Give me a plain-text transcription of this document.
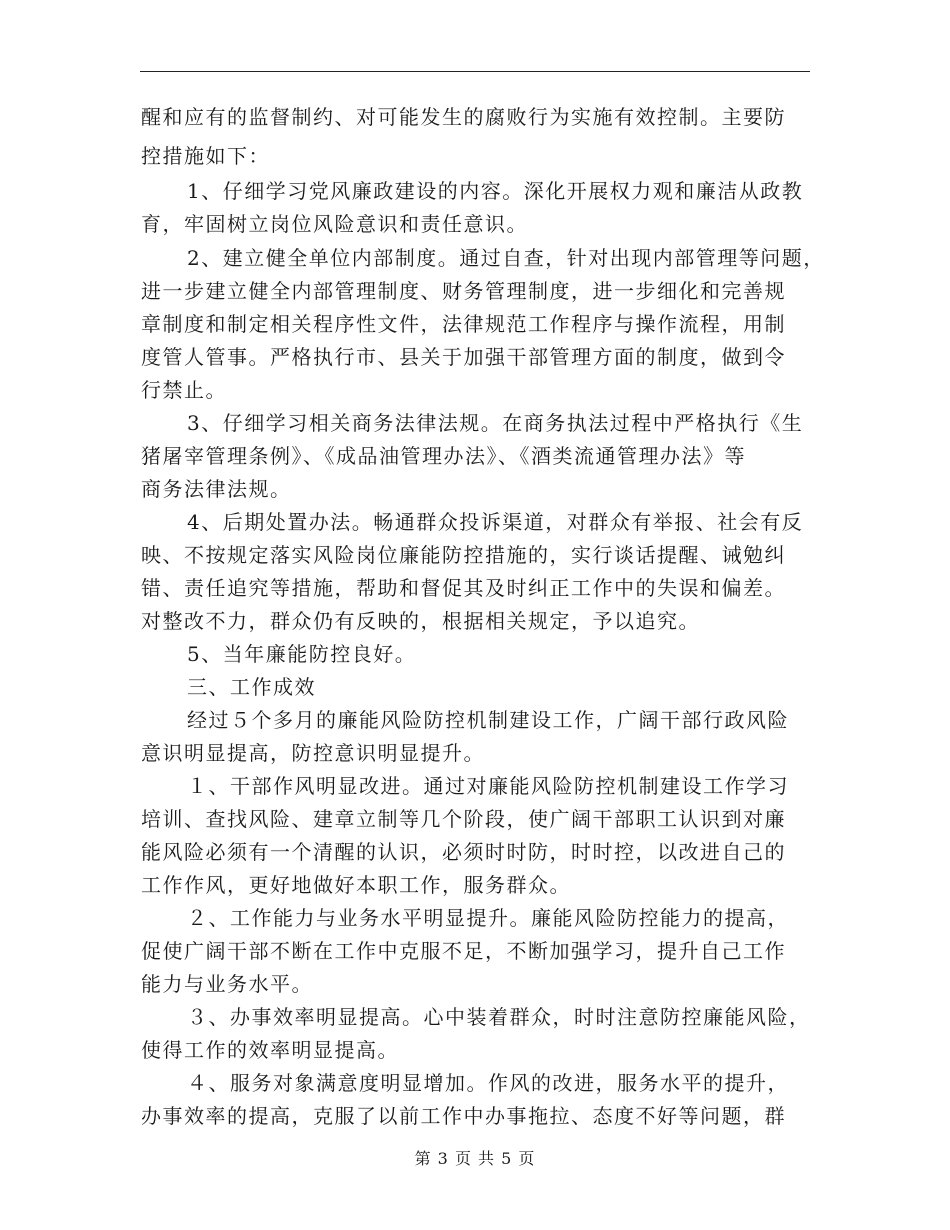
醒和应有的监督制约、对可能发生的腐败行为实施有效控制。主要防
控措施如下：
1、仔细学习党风廉政建设的内容。深化开展权力观和廉洁从政教
育，牢固树立岗位风险意识和责任意识。
2、建立健全单位内部制度。通过自查，针对出现内部管理等问题，
进一步建立健全内部管理制度、财务管理制度，进一步细化和完善规
章制度和制定相关程序性文件，法律规范工作程序与操作流程，用制
度管人管事。严格执行市、县关于加强干部管理方面的制度，做到令
行禁止。
3、仔细学习相关商务法律法规。在商务执法过程中严格执行《生
猪屠宰管理条例》、《成品油管理办法》、《酒类流通管理办法》等
商务法律法规。
4、后期处置办法。畅通群众投诉渠道，对群众有举报、社会有反
映、不按规定落实风险岗位廉能防控措施的，实行谈话提醒、诫勉纠
错、责任追究等措施，帮助和督促其及时纠正工作中的失误和偏差。
对整改不力，群众仍有反映的，根据相关规定，予以追究。
5、当年廉能防控良好。
三、工作成效
经过５个多月的廉能风险防控机制建设工作，广阔干部行政风险
意识明显提高，防控意识明显提升。
１、干部作风明显改进。通过对廉能风险防控机制建设工作学习
培训、查找风险、建章立制等几个阶段，使广阔干部职工认识到对廉
能风险必须有一个清醒的认识，必须时时防，时时控，以改进自己的
工作作风，更好地做好本职工作，服务群众。
２、工作能力与业务水平明显提升。廉能风险防控能力的提高，
促使广阔干部不断在工作中克服不足，不断加强学习，提升自己工作
能力与业务水平。
３、办事效率明显提高。心中装着群众，时时注意防控廉能风险，
使得工作的效率明显提高。
４、服务对象满意度明显增加。作风的改进，服务水平的提升，
办事效率的提高，克服了以前工作中办事拖拉、态度不好等问题，群
第 3 页 共 5 页
